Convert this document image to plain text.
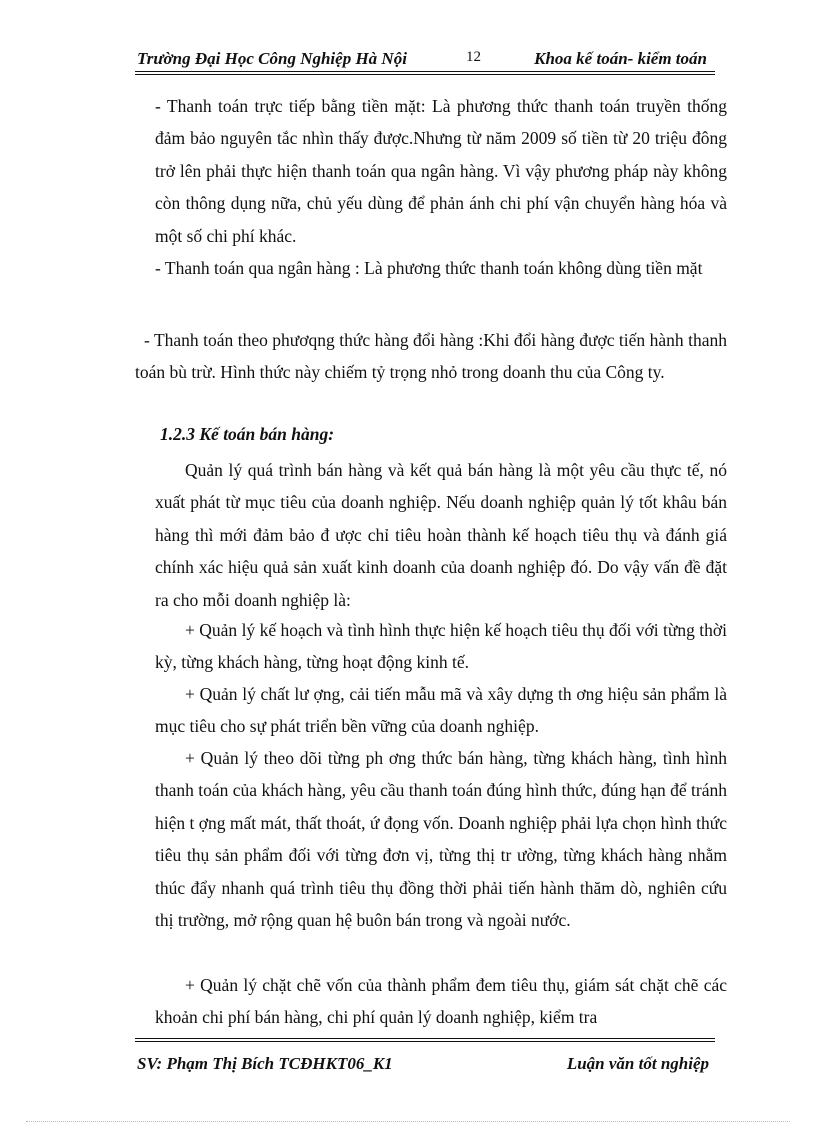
Trường Đại Học Công Nghiệp Hà Nội	12	Khoa kế toán- kiểm toán

- Thanh toán trực tiếp bằng tiền mặt: Là phương thức thanh toán truyền thống đảm bảo nguyên tắc nhìn thấy được.Nhưng từ năm 2009 số tiền từ 20 triệu đông trở lên phải thực hiện thanh toán qua ngân hàng. Vì vậy phương pháp này không còn thông dụng nữa, chủ yếu dùng để phản ánh chi phí vận chuyển hàng hóa và một số chi phí khác.

- Thanh toán qua ngân hàng : Là phương thức thanh toán không dùng tiền mặt

- Thanh toán theo phươqng thức hàng đổi hàng :Khi đổi hàng được tiến hành thanh toán bù trừ. Hình thức này chiếm tỷ trọng nhỏ trong doanh thu của Công ty.

1.2.3 Kế toán bán hàng:

Quản lý quá trình bán hàng và kết quả bán hàng là một yêu cầu thực tế, nó xuất phát từ mục tiêu của doanh nghiệp. Nếu doanh nghiệp quản lý tốt khâu bán hàng thì mới đảm bảo đ ược chỉ tiêu hoàn thành kế hoạch tiêu thụ và đánh giá chính xác hiệu quả sản xuất kinh doanh của doanh nghiệp đó. Do vậy vấn đề đặt ra cho mỗi doanh nghiệp là:

+ Quản lý kế hoạch và tình hình thực hiện kế hoạch tiêu thụ đối với từng thời kỳ, từng khách hàng, từng hoạt động kinh tế.

+ Quản lý chất lư ợng, cải tiến mẫu mã và xây dựng th ơng hiệu sản phẩm là mục tiêu cho sự phát triển bền vững của doanh nghiệp.

+ Quản lý theo dõi từng ph ơng thức bán hàng, từng khách hàng, tình hình thanh toán của khách hàng, yêu cầu thanh toán đúng hình thức, đúng hạn để tránh hiện t ợng mất mát, thất thoát, ứ đọng vốn. Doanh nghiệp phải lựa chọn hình thức tiêu thụ sản phẩm đối với từng đơn vị, từng thị tr ường, từng khách hàng nhằm thúc đẩy nhanh quá trình tiêu thụ đồng thời phải tiến hành thăm dò, nghiên cứu thị trường, mở rộng quan hệ buôn bán trong và ngoài nước.

+ Quản lý chặt chẽ vốn của thành phẩm đem tiêu thụ, giám sát chặt chẽ các khoản chi phí bán hàng, chi phí quản lý doanh nghiệp, kiểm tra

SV: Phạm Thị Bích TCĐHKT06_K1	Luận văn tốt nghiệp
